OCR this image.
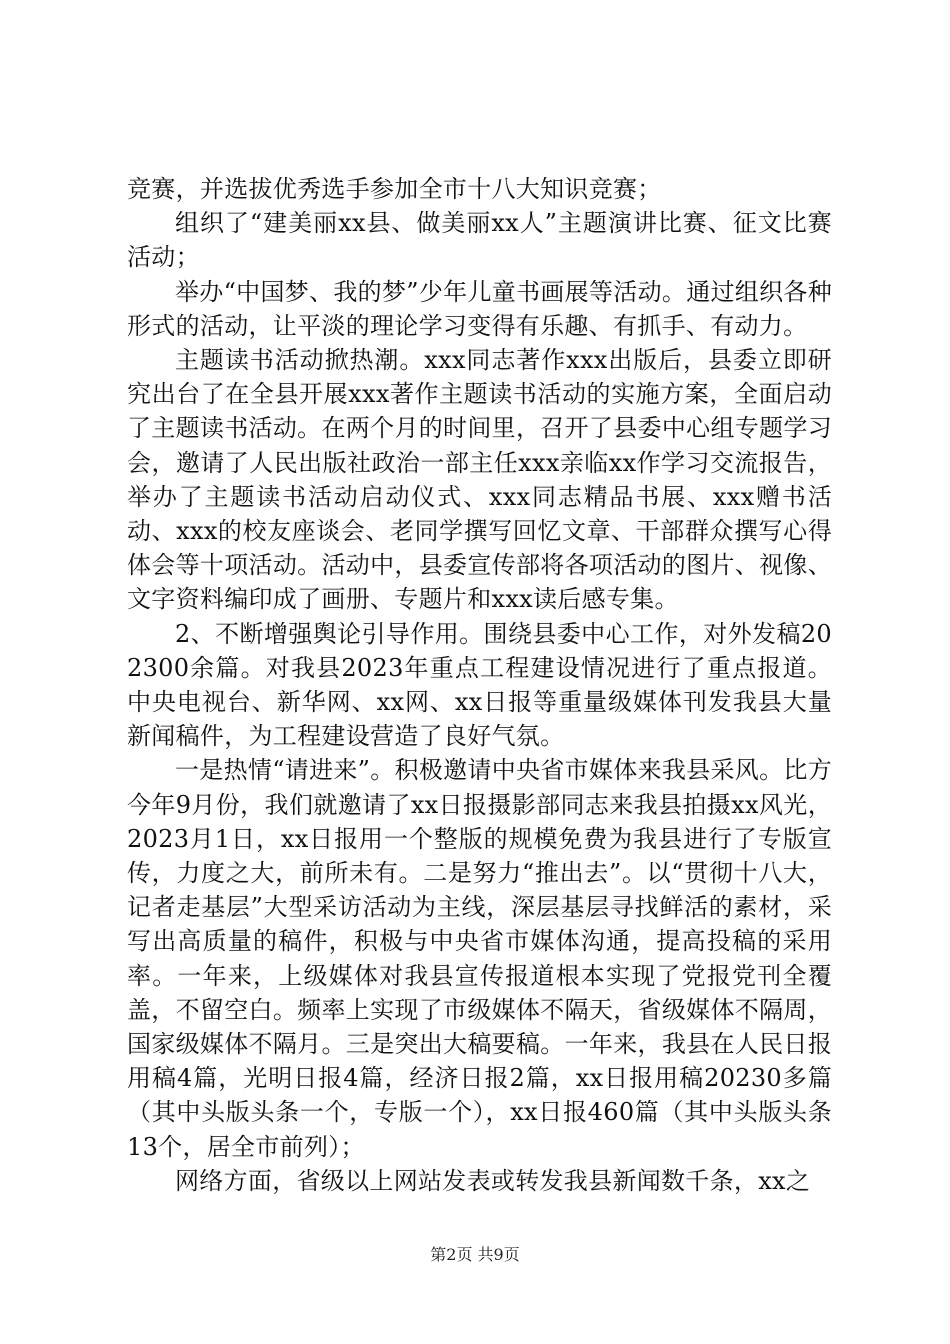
竞赛，并选拔优秀选手参加全市十八大知识竞赛；

组织了“建美丽xx县、做美丽xx人”主题演讲比赛、征文比赛活动；

举办“中国梦、我的梦”少年儿童书画展等活动。通过组织各种形式的活动，让平淡的理论学习变得有乐趣、有抓手、有动力。

主题读书活动掀热潮。xxx同志著作xxx出版后，县委立即研究出台了在全县开展xxx著作主题读书活动的实施方案，全面启动了主题读书活动。在两个月的时间里，召开了县委中心组专题学习会，邀请了人民出版社政治一部主任xxx亲临xx作学习交流报告，举办了主题读书活动启动仪式、xxx同志精品书展、xxx赠书活动、xxx的校友座谈会、老同学撰写回忆文章、干部群众撰写心得体会等十项活动。活动中，县委宣传部将各项活动的图片、视像、文字资料编印成了画册、专题片和xxx读后感专集。

2、不断增强舆论引导作用。围绕县委中心工作，对外发稿202300余篇。对我县2023年重点工程建设情况进行了重点报道。中央电视台、新华网、xx网、xx日报等重量级媒体刊发我县大量新闻稿件，为工程建设营造了良好气氛。

一是热情“请进来”。积极邀请中央省市媒体来我县采风。比方今年9月份，我们就邀请了xx日报摄影部同志来我县拍摄xx风光，2023月1日，xx日报用一个整版的规模免费为我县进行了专版宣传，力度之大，前所未有。二是努力“推出去”。以“贯彻十八大，记者走基层”大型采访活动为主线，深层基层寻找鲜活的素材，采写出高质量的稿件，积极与中央省市媒体沟通，提高投稿的采用率。一年来，上级媒体对我县宣传报道根本实现了党报党刊全覆盖，不留空白。频率上实现了市级媒体不隔天，省级媒体不隔周，国家级媒体不隔月。三是突出大稿要稿。一年来，我县在人民日报用稿4篇，光明日报4篇，经济日报2篇，xx日报用稿20230多篇（其中头版头条一个，专版一个），xx日报460篇（其中头版头条13个，居全市前列）；

网络方面，省级以上网站发表或转发我县新闻数千条，xx之

第2页 共9页
